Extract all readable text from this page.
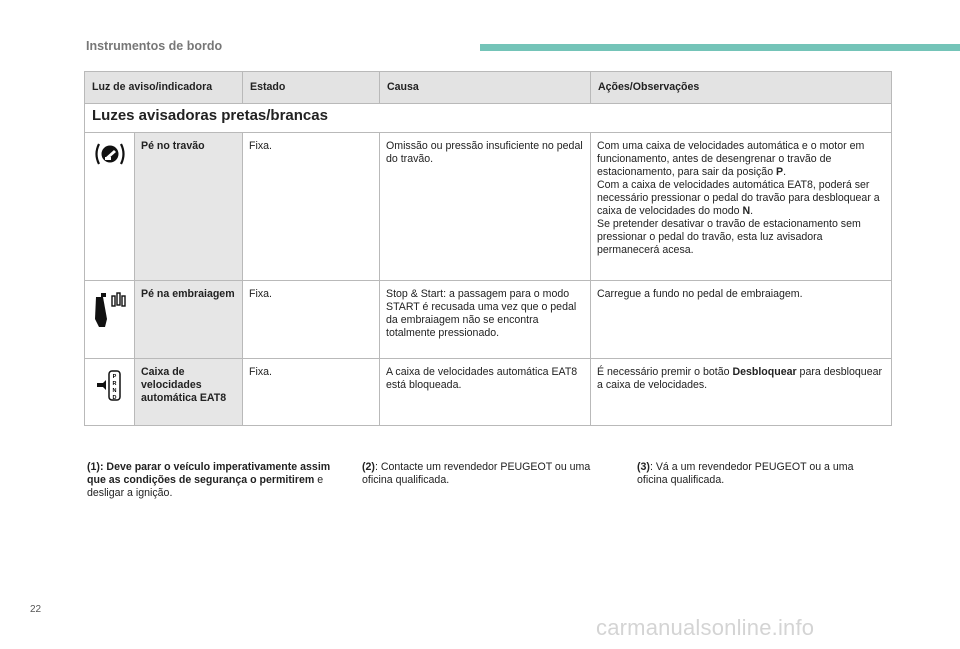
Instrumentos de bordo
Luz de aviso/indicadora		Estado	Causa	Ações/Observações
Luzes avisadoras pretas/brancas				
	Pé no travão	Fixa.	Omissão ou pressão insuficiente no pedal do travão.	Com uma caixa de velocidades automática e o motor em funcionamento, antes de desengrenar o travão de estacionamento, para sair da posição P.
Com a caixa de velocidades automática EAT8, poderá ser necessário pressionar o pedal do travão para desbloquear a caixa de velocidades do modo N.
Se pretender desativar o travão de estacionamento sem pressionar o pedal do travão, esta luz avisadora permanecerá acesa.
	Pé na embraiagem	Fixa.	Stop & Start: a passagem para o modo START é recusada uma vez que o pedal da embraiagem não se encontra totalmente pressionado.	Carregue a fundo no pedal de embraiagem.

P
R
N
D	Caixa de velocidades automática EAT8	Fixa.	A caixa de velocidades automática EAT8 está bloqueada.	É necessário premir o botão Desbloquear para desbloquear a caixa de velocidades.
(1): Deve parar o veículo imperativamente assim que as condições de segurança o permitirem e desligar a ignição.
(2): Contacte um revendedor PEUGEOT ou uma oficina qualificada.
(3): Vá a um revendedor PEUGEOT ou a uma oficina qualificada.
22
carmanualsonline.info
